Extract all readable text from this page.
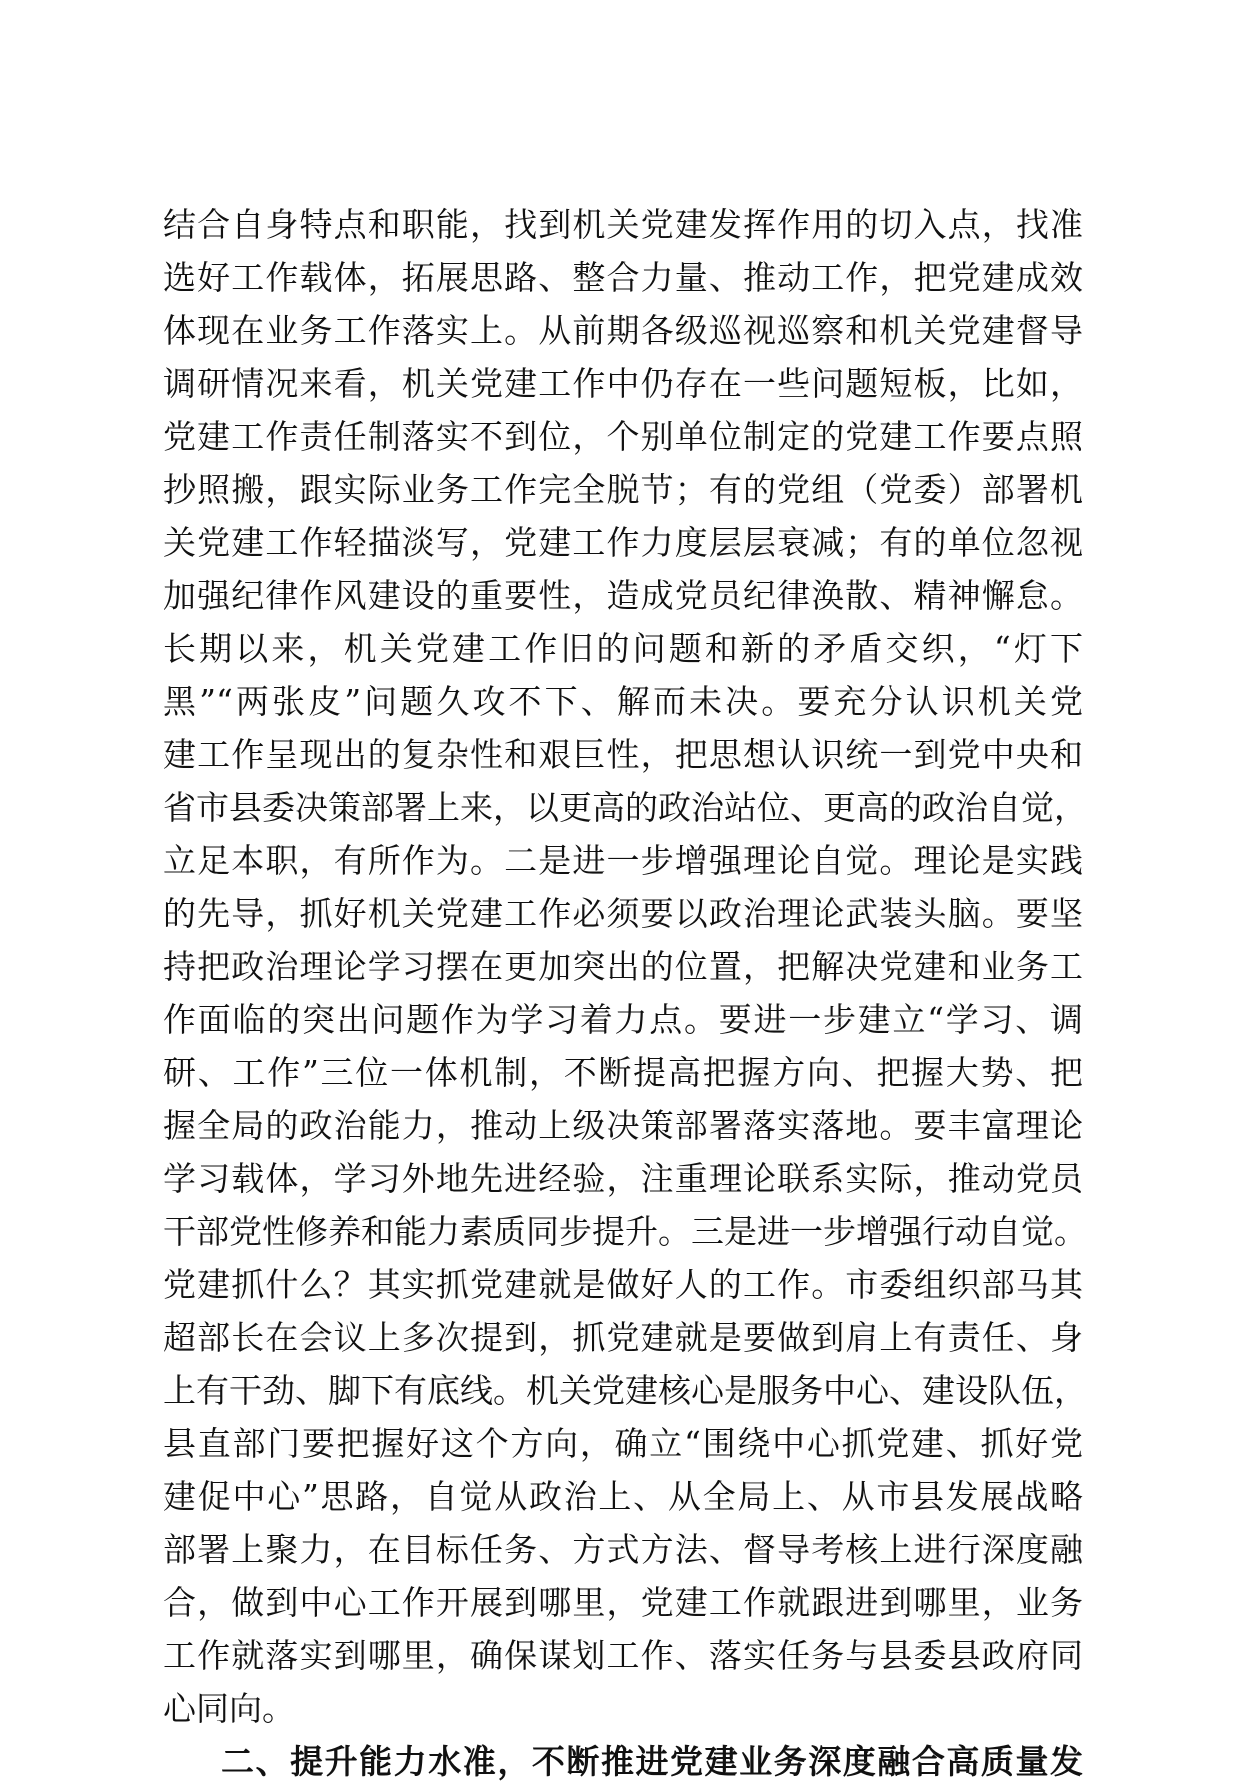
结合自身特点和职能，找到机关党建发挥作用的切入点，找准
选好工作载体，拓展思路、整合力量、推动工作，把党建成效
体现在业务工作落实上。从前期各级巡视巡察和机关党建督导
调研情况来看，机关党建工作中仍存在一些问题短板，比如，
党建工作责任制落实不到位，个别单位制定的党建工作要点照
抄照搬，跟实际业务工作完全脱节；有的党组（党委）部署机
关党建工作轻描淡写，党建工作力度层层衰减；有的单位忽视
加强纪律作风建设的重要性，造成党员纪律涣散、精神懈怠。
长期以来，机关党建工作旧的问题和新的矛盾交织，“灯下
黑”“两张皮”问题久攻不下、解而未决。要充分认识机关党
建工作呈现出的复杂性和艰巨性，把思想认识统一到党中央和
省市县委决策部署上来，以更高的政治站位、更高的政治自觉，
立足本职，有所作为。二是进一步增强理论自觉。理论是实践
的先导，抓好机关党建工作必须要以政治理论武装头脑。要坚
持把政治理论学习摆在更加突出的位置，把解决党建和业务工
作面临的突出问题作为学习着力点。要进一步建立“学习、调
研、工作”三位一体机制，不断提高把握方向、把握大势、把
握全局的政治能力，推动上级决策部署落实落地。要丰富理论
学习载体，学习外地先进经验，注重理论联系实际，推动党员
干部党性修养和能力素质同步提升。三是进一步增强行动自觉。
党建抓什么？其实抓党建就是做好人的工作。市委组织部马其
超部长在会议上多次提到，抓党建就是要做到肩上有责任、身
上有干劲、脚下有底线。机关党建核心是服务中心、建设队伍，
县直部门要把握好这个方向，确立“围绕中心抓党建、抓好党
建促中心”思路，自觉从政治上、从全局上、从市县发展战略
部署上聚力，在目标任务、方式方法、督导考核上进行深度融
合，做到中心工作开展到哪里，党建工作就跟进到哪里，业务
工作就落实到哪里，确保谋划工作、落实任务与县委县政府同
心同向。
二、提升能力水准，不断推进党建业务深度融合高质量发
